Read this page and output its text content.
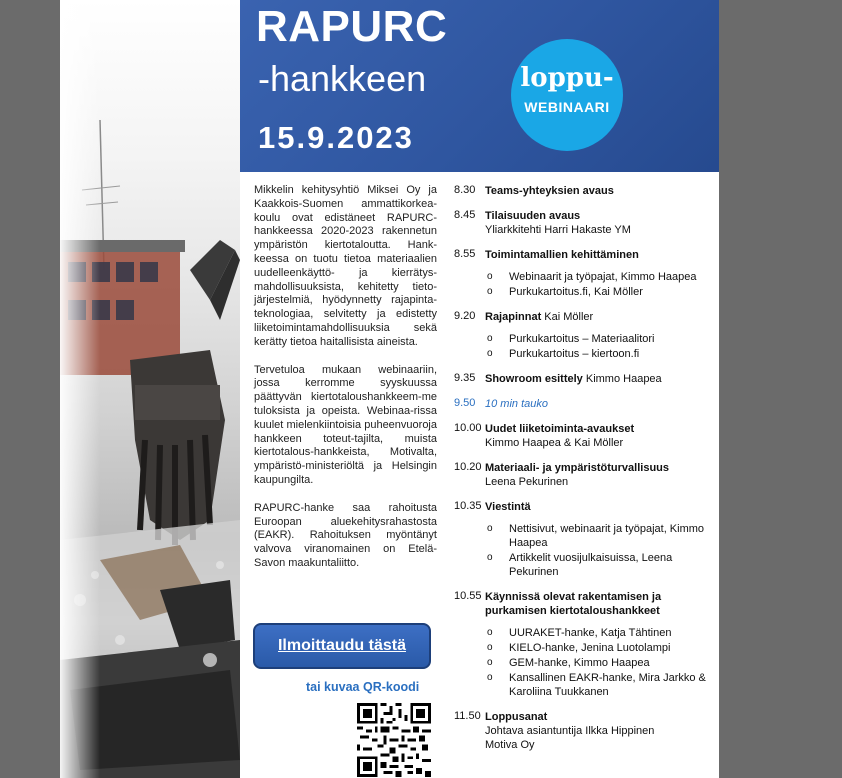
RAPURC
-hankkeen
15.9.2023
loppu-
WEBINAARI

Mikkelin kehitysyhtiö Miksei Oy ja Kaakkois-Suomen ammattikorkea-koulu ovat edistäneet RAPURC-hankkeessa 2020-2023 rakennetun ympäristön kiertotaloutta. Hank-keessa on tuotu tietoa materiaalien uudelleenkäyttö- ja kierrätys-mahdollisuuksista, kehitetty tieto-järjestelmiä, hyödynnetty rajapinta-teknologiaa, selvitetty ja edistetty liiketoimintamahdollisuuksia sekä kerätty tietoa haitallisista aineista.

Tervetuloa mukaan webinaariin, jossa kerromme syyskuussa päättyvän kiertotaloushankkeem-me tuloksista ja opeista. Webinaa-rissa kuulet mielenkiintoisia puheenvuoroja hankkeen toteut-tajilta, muista kiertotalous-hankkeista, Motivalta, ympäristö-ministeriöltä ja Helsingin kaupungilta.

RAPURC-hanke saa rahoitusta Euroopan aluekehitysrahastosta (EAKR). Rahoituksen myöntänyt valvova viranomainen on Etelä-Savon maakuntaliitto.

Ilmoittaudu tästä
tai kuvaa QR-koodi
8.30 Teams-yhteyksien avaus
8.45 Tilaisuuden avaus
Yliarkkitehti Harri Hakaste YM
8.55 Toimintamallien kehittäminen
o Webinaarit ja työpajat, Kimmo Haapea
o Purkukartoitus.fi, Kai Möller
9.20 Rajapinnat Kai Möller
o Purkukartoitus – Materiaalitori
o Purkukartoitus – kiertoon.fi
9.35 Showroom esittely Kimmo Haapea
9.50 10 min tauko
10.00 Uudet liiketoiminta-avaukset
Kimmo Haapea & Kai Möller
10.20 Materiaali- ja ympäristöturvallisuus
Leena Pekurinen
10.35 Viestintä
o Nettisivut, webinaarit ja työpajat, Kimmo Haapea
o Artikkelit vuosijulkaisuissa, Leena Pekurinen
10.55 Käynnissä olevat rakentamisen ja purkamisen kiertotaloushankkeet
o UURAKET-hanke, Katja Tähtinen
o KIELO-hanke, Jenina Luotolampi
o GEM-hanke, Kimmo Haapea
o Kansallinen EAKR-hanke, Mira Jarkko & Karoliina Tuukkanen
11.50 Loppusanat
Johtava asiantuntija Ilkka Hippinen
Motiva Oy
